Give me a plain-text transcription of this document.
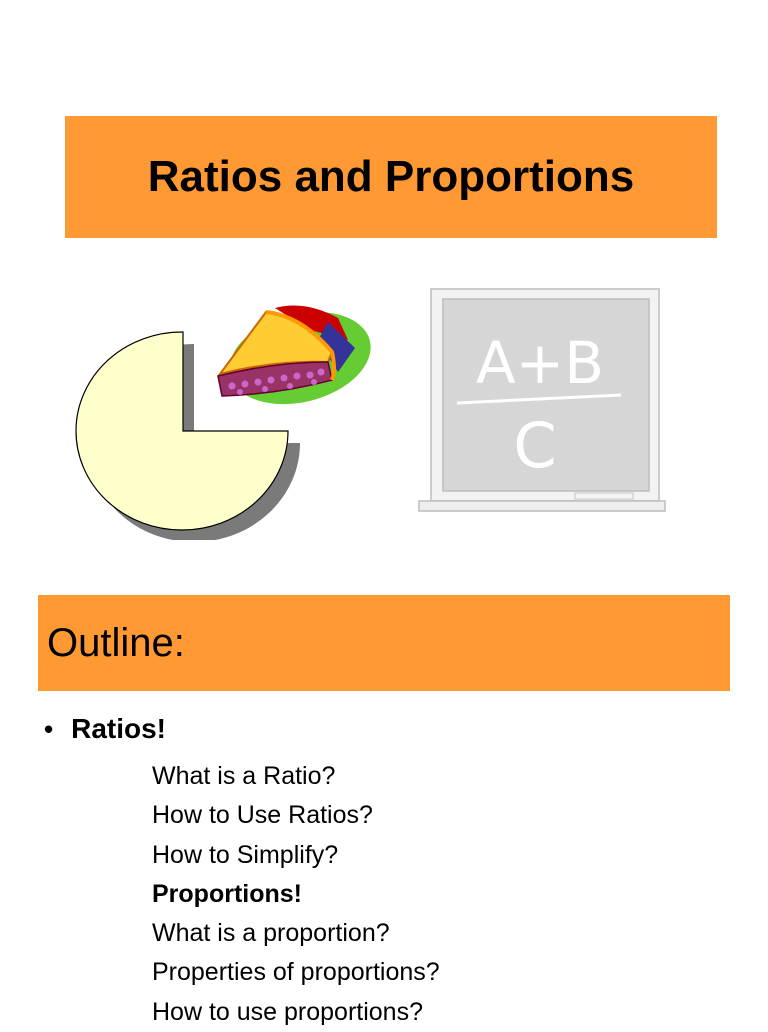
Ratios and Proportions
A+B
C
Outline:
• Ratios!
What is a Ratio?
How to Use Ratios?
How to Simplify?
Proportions!
What is a proportion?
Properties of proportions?
How to use proportions?
